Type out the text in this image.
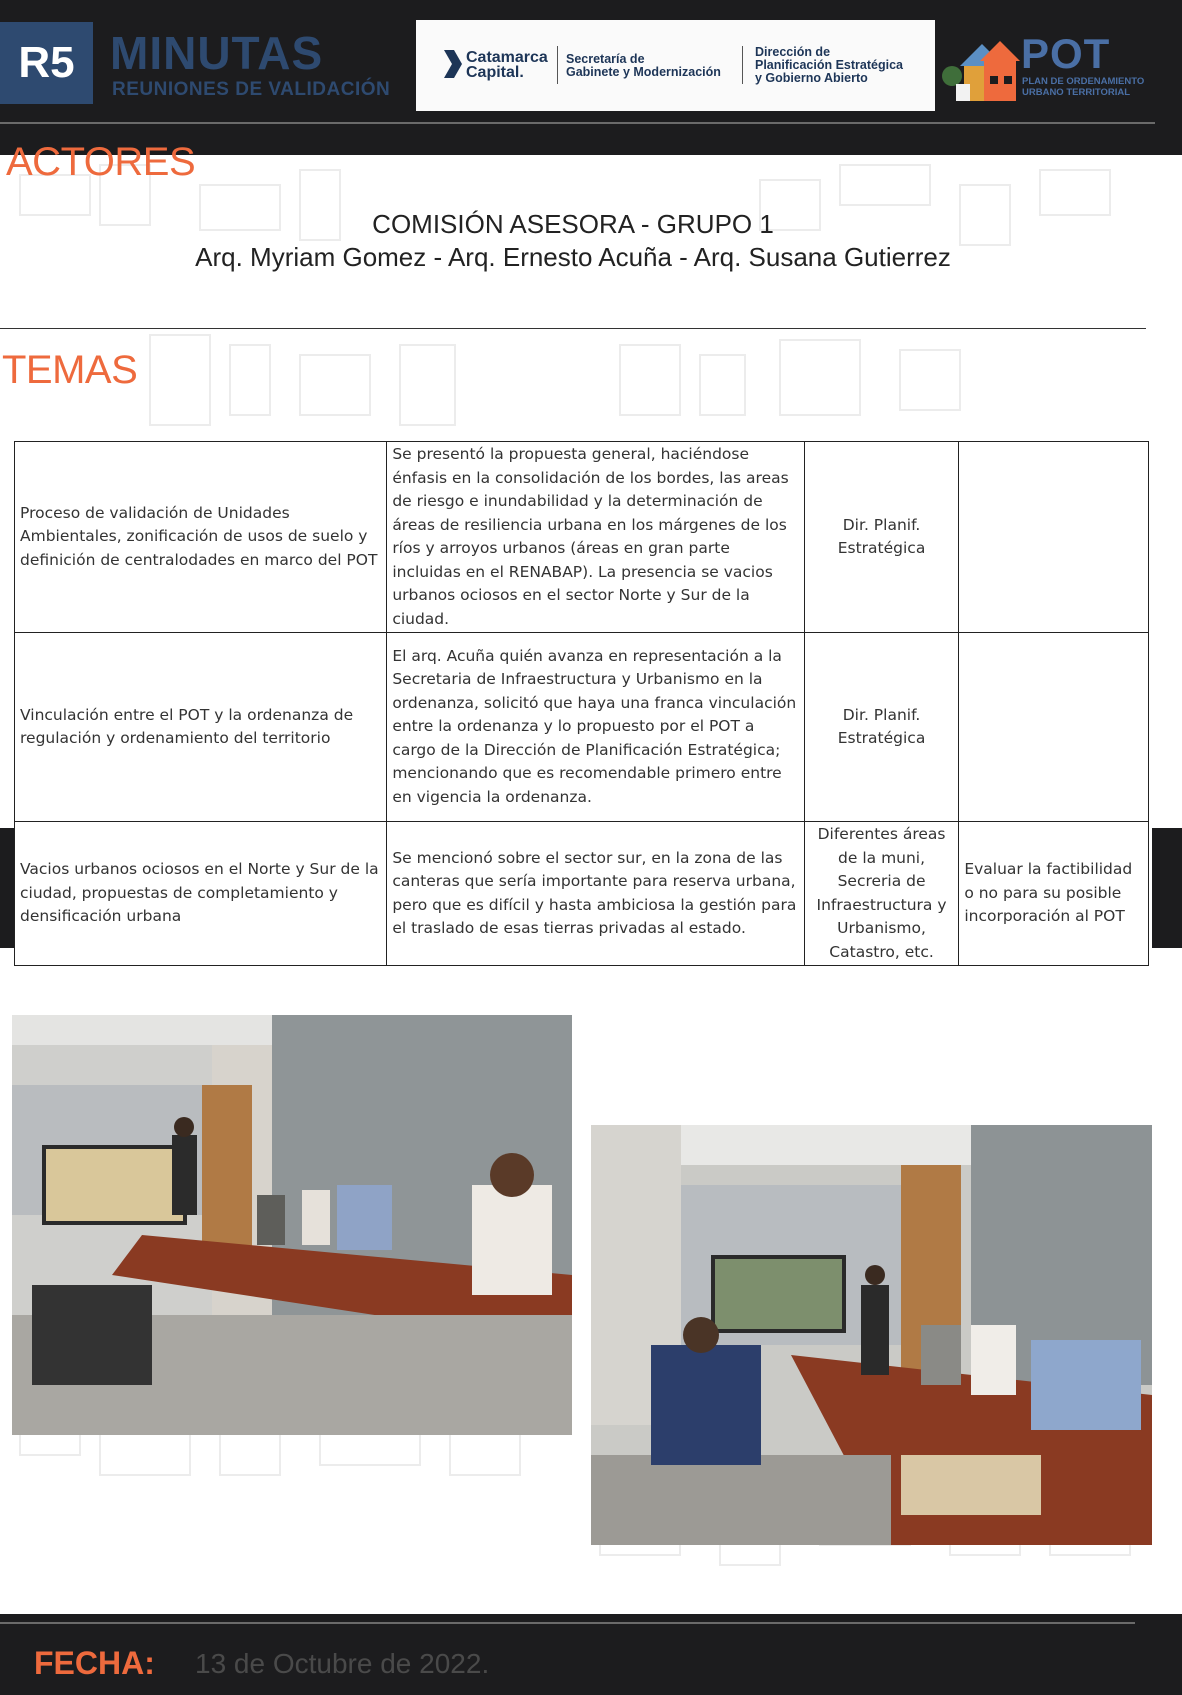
R5 MINUTAS
REUNIONES DE VALIDACIÓN
Catamarca
Capital.
Secretaría de
Gabinete y Modernización
Dirección de
Planificación Estratégica
y Gobierno Abierto
POT
PLAN DE ORDENAMIENTO
URBANO TERRITORIAL
ACTORES
COMISIÓN ASESORA - GRUPO 1
Arq. Myriam Gomez - Arq. Ernesto Acuña - Arq. Susana Gutierrez
TEMAS
Proceso de validación de Unidades Ambientales, zonificación de usos de suelo y definición de centralodades en marco del POT	Se presentó la propuesta general, haciéndose énfasis en la consolidación de los bordes, las areas de riesgo e inundabilidad y la determinación de áreas de resiliencia urbana en los márgenes de los ríos y arroyos urbanos (áreas en gran parte incluidas en el RENABAP). La presencia se vacios urbanos ociosos en el sector Norte y Sur de la ciudad.	Dir. Planif. Estratégica	
Vinculación entre el POT y la ordenanza de regulación y ordenamiento del territorio	El arq. Acuña quién avanza en representación a la Secretaria de Infraestructura y Urbanismo en la ordenanza, solicitó que haya una franca vinculación entre la ordenanza y lo propuesto por el POT a cargo de la Dirección de Planificación Estratégica; mencionando que es recomendable primero entre en vigencia la ordenanza.	Dir. Planif. Estratégica	
Vacios urbanos ociosos en el Norte y Sur de la ciudad, propuestas de completamiento y densificación urbana	Se mencionó sobre el sector sur, en la zona de las canteras que sería importante para reserva urbana, pero que es difícil y hasta ambiciosa la gestión para el traslado de esas tierras privadas al estado.	Diferentes áreas de la muni, Secreria de Infraestructura y Urbanismo, Catastro, etc.	Evaluar la factibilidad o no para su posible incorporación al POT
FECHA: 13 de Octubre de 2022.
